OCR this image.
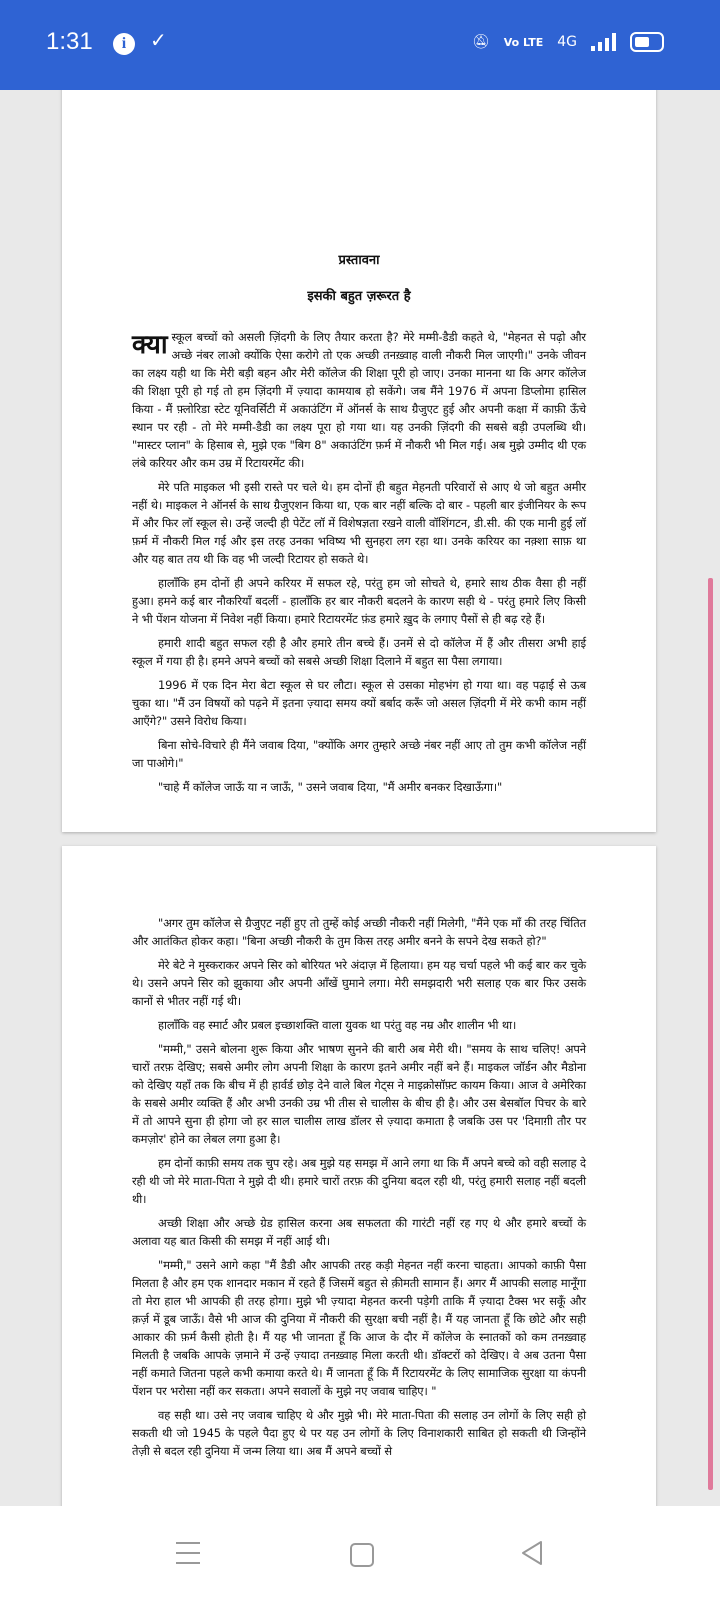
1:31	i	✓	🔕︎ Vo LTE 4G

प्रस्तावना

इसकी बहुत ज़रूरत है

क्या स्कूल बच्चों को असली ज़िंदगी के लिए तैयार करता है? मेरे मम्मी-डैडी कहते थे, "मेहनत से पढ़ो और अच्छे नंबर लाओ क्योंकि ऐसा करोगे तो एक अच्छी तनख़्वाह वाली नौकरी मिल जाएगी।" उनके जीवन का लक्ष्य यही था कि मेरी बड़ी बहन और मेरी कॉलेज की शिक्षा पूरी हो जाए। उनका मानना था कि अगर कॉलेज की शिक्षा पूरी हो गई तो हम ज़िंदगी में ज़्यादा कामयाब हो सकेंगे। जब मैंने 1976 में अपना डिप्लोमा हासिल किया - मैं फ़्लोरिडा स्टेट यूनिवर्सिटी में अकाउंटिंग में ऑनर्स के साथ ग्रैजुएट हुई और अपनी कक्षा में काफ़ी ऊँचे स्थान पर रही - तो मेरे मम्मी-डैडी का लक्ष्य पूरा हो गया था। यह उनकी ज़िंदगी की सबसे बड़ी उपलब्धि थी। "मास्टर प्लान" के हिसाब से, मुझे एक "बिग 8" अकाउंटिंग फ़र्म में नौकरी भी मिल गई। अब मुझे उम्मीद थी एक लंबे करियर और कम उम्र में रिटायरमेंट की।

मेरे पति माइकल भी इसी रास्ते पर चले थे। हम दोनों ही बहुत मेहनती परिवारों से आए थे जो बहुत अमीर नहीं थे। माइकल ने ऑनर्स के साथ ग्रैजुएशन किया था, एक बार नहीं बल्कि दो बार - पहली बार इंजीनियर के रूप में और फिर लॉ स्कूल से। उन्हें जल्दी ही पेटेंट लॉ में विशेषज्ञता रखने वाली वॉशिंगटन, डी.सी. की एक मानी हुई लॉ फ़र्म में नौकरी मिल गई और इस तरह उनका भविष्य भी सुनहरा लग रहा था। उनके करियर का नक़्शा साफ़ था और यह बात तय थी कि वह भी जल्दी रिटायर हो सकते थे।

हालाँकि हम दोनों ही अपने करियर में सफल रहे, परंतु हम जो सोचते थे, हमारे साथ ठीक वैसा ही नहीं हुआ। हमने कई बार नौकरियाँ बदलीं - हालाँकि हर बार नौकरी बदलने के कारण सही थे - परंतु हमारे लिए किसी ने भी पेंशन योजना में निवेश नहीं किया। हमारे रिटायरमेंट फ़ंड हमारे ख़ुद के लगाए पैसों से ही बढ़ रहे हैं।

हमारी शादी बहुत सफल रही है और हमारे तीन बच्चे हैं। उनमें से दो कॉलेज में हैं और तीसरा अभी हाई स्कूल में गया ही है। हमने अपने बच्चों को सबसे अच्छी शिक्षा दिलाने में बहुत सा पैसा लगाया।

1996 में एक दिन मेरा बेटा स्कूल से घर लौटा। स्कूल से उसका मोहभंग हो गया था। वह पढ़ाई से ऊब चुका था। "मैं उन विषयों को पढ़ने में इतना ज़्यादा समय क्यों बर्बाद करूँ जो असल ज़िंदगी में मेरे कभी काम नहीं आएँगे?" उसने विरोध किया।

बिना सोचे-विचारे ही मैंने जवाब दिया, "क्योंकि अगर तुम्हारे अच्छे नंबर नहीं आए तो तुम कभी कॉलेज नहीं जा पाओगे।"

"चाहे मैं कॉलेज जाऊँ या न जाऊँ, " उसने जवाब दिया, "मैं अमीर बनकर दिखाऊँगा।"

"अगर तुम कॉलेज से ग्रैजुएट नहीं हुए तो तुम्हें कोई अच्छी नौकरी नहीं मिलेगी, "मैंने एक माँ की तरह चिंतित और आतंकित होकर कहा। "बिना अच्छी नौकरी के तुम किस तरह अमीर बनने के सपने देख सकते हो?"

मेरे बेटे ने मुस्कराकर अपने सिर को बोरियत भरे अंदाज़ में हिलाया। हम यह चर्चा पहले भी कई बार कर चुके थे। उसने अपने सिर को झुकाया और अपनी आँखें घुमाने लगा। मेरी समझदारी भरी सलाह एक बार फिर उसके कानों से भीतर नहीं गई थी।

हालाँकि वह स्मार्ट और प्रबल इच्छाशक्ति वाला युवक था परंतु वह नम्र और शालीन भी था।

"मम्मी," उसने बोलना शुरू किया और भाषण सुनने की बारी अब मेरी थी। "समय के साथ चलिए! अपने चारों तरफ़ देखिए; सबसे अमीर लोग अपनी शिक्षा के कारण इतने अमीर नहीं बने हैं। माइकल जॉर्डन और मैडोना को देखिए यहाँ तक कि बीच में ही हार्वर्ड छोड़ देने वाले बिल गेट्स ने माइक्रोसॉफ़्ट कायम किया। आज वे अमेरिका के सबसे अमीर व्यक्ति हैं और अभी उनकी उम्र भी तीस से चालीस के बीच ही है। और उस बेसबॉल पिचर के बारे में तो आपने सुना ही होगा जो हर साल चालीस लाख डॉलर से ज़्यादा कमाता है जबकि उस पर 'दिमाग़ी तौर पर कमज़ोर' होने का लेबल लगा हुआ है।

हम दोनों काफ़ी समय तक चुप रहे। अब मुझे यह समझ में आने लगा था कि मैं अपने बच्चे को वही सलाह दे रही थी जो मेरे माता-पिता ने मुझे दी थी। हमारे चारों तरफ़ की दुनिया बदल रही थी, परंतु हमारी सलाह नहीं बदली थी।

अच्छी शिक्षा और अच्छे ग्रेड हासिल करना अब सफलता की गारंटी नहीं रह गए थे और हमारे बच्चों के अलावा यह बात किसी की समझ में नहीं आई थी।

"मम्मी," उसने आगे कहा "मैं डैडी और आपकी तरह कड़ी मेहनत नहीं करना चाहता। आपको काफ़ी पैसा मिलता है और हम एक शानदार मकान में रहते हैं जिसमें बहुत से क़ीमती सामान हैं। अगर मैं आपकी सलाह मानूँगा तो मेरा हाल भी आपकी ही तरह होगा। मुझे भी ज़्यादा मेहनत करनी पड़ेगी ताकि मैं ज़्यादा टैक्स भर सकूँ और क़र्ज़ में डूब जाऊँ। वैसे भी आज की दुनिया में नौकरी की सुरक्षा बची नहीं है। मैं यह जानता हूँ कि छोटे और सही आकार की फ़र्म कैसी होती है। मैं यह भी जानता हूँ कि आज के दौर में कॉलेज के स्नातकों को कम तनख़्वाह मिलती है जबकि आपके ज़माने में उन्हें ज़्यादा तनख़्वाह मिला करती थी। डॉक्टरों को देखिए। वे अब उतना पैसा नहीं कमाते जितना पहले कभी कमाया करते थे। मैं जानता हूँ कि मैं रिटायरमेंट के लिए सामाजिक सुरक्षा या कंपनी पेंशन पर भरोसा नहीं कर सकता। अपने सवालों के मुझे नए जवाब चाहिए। "

वह सही था। उसे नए जवाब चाहिए थे और मुझे भी। मेरे माता-पिता की सलाह उन लोगों के लिए सही हो सकती थी जो 1945 के पहले पैदा हुए थे पर यह उन लोगों के लिए विनाशकारी साबित हो सकती थी जिन्होंने तेज़ी से बदल रही दुनिया में जन्म लिया था। अब मैं अपने बच्चों से
